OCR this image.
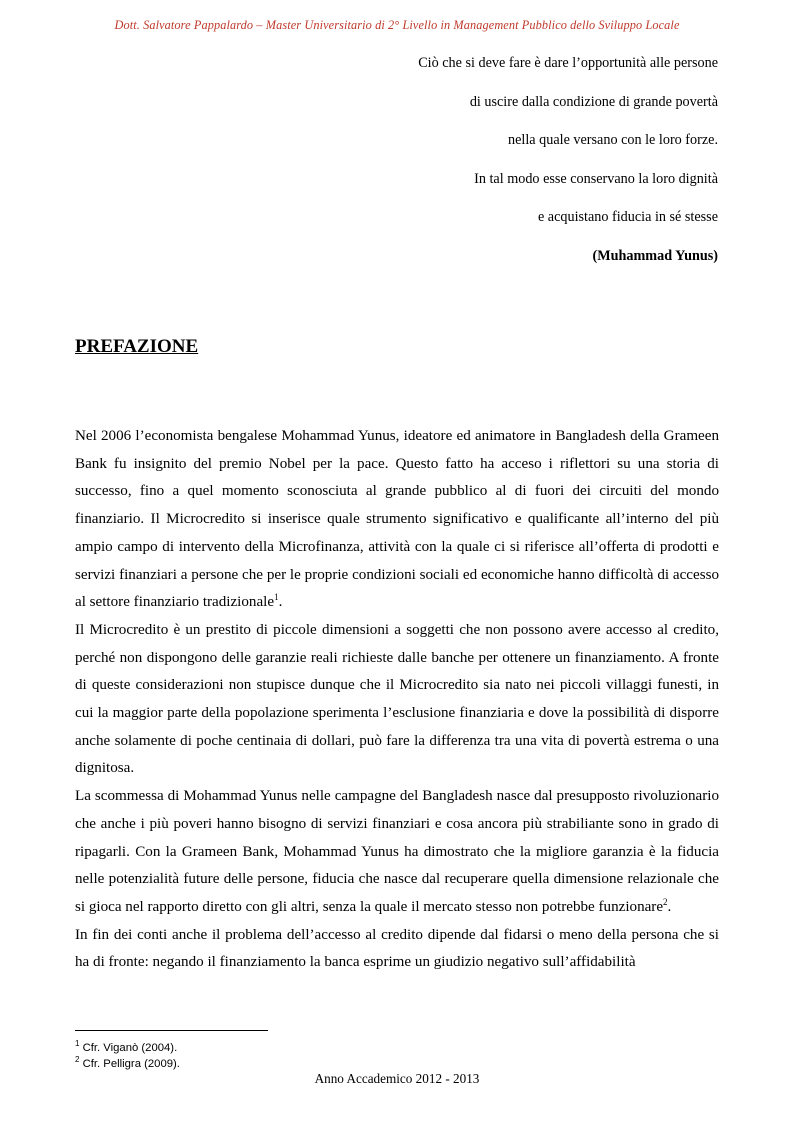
Dott. Salvatore Pappalardo – Master Universitario di 2° Livello in Management Pubblico dello Sviluppo Locale
Ciò che si deve fare è dare l’opportunità alle persone
di uscire dalla condizione di grande povertà
nella quale versano con le loro forze.
In tal modo esse conservano la loro dignità
e acquistano fiducia in sé stesse
(Muhammad Yunus)
PREFAZIONE

Nel 2006 l’economista bengalese Mohammad Yunus, ideatore ed animatore in Bangladesh della Grameen Bank fu insignito del premio Nobel per la pace. Questo fatto ha acceso i riflettori su una storia di successo, fino a quel momento sconosciuta al grande pubblico al di fuori dei circuiti del mondo finanziario. Il Microcredito si inserisce quale strumento significativo e qualificante all’interno del più ampio campo di intervento della Microfinanza, attività con la quale ci si riferisce all’offerta di prodotti e servizi finanziari a persone che per le proprie condizioni sociali ed economiche hanno difficoltà di accesso al settore finanziario tradizionale$^1$.

Il Microcredito è un prestito di piccole dimensioni a soggetti che non possono avere accesso al credito, perché non dispongono delle garanzie reali richieste dalle banche per ottenere un finanziamento. A fronte di queste considerazioni non stupisce dunque che il Microcredito sia nato nei piccoli villaggi funesti, in cui la maggior parte della popolazione sperimenta l’esclusione finanziaria e dove la possibilità di disporre anche solamente di poche centinaia di dollari, può fare la differenza tra una vita di povertà estrema o una dignitosa.

La scommessa di Mohammad Yunus nelle campagne del Bangladesh nasce dal presupposto rivoluzionario che anche i più poveri hanno bisogno di servizi finanziari e cosa ancora più strabiliante sono in grado di ripagarli. Con la Grameen Bank, Mohammad Yunus ha dimostrato che la migliore garanzia è la fiducia nelle potenzialità future delle persone, fiducia che nasce dal recuperare quella dimensione relazionale che si gioca nel rapporto diretto con gli altri, senza la quale il mercato stesso non potrebbe funzionare$^2$.

In fin dei conti anche il problema dell’accesso al credito dipende dal fidarsi o meno della persona che si ha di fronte: negando il finanziamento la banca esprime un giudizio negativo sull’affidabilità

$^1$ Cfr. Viganò (2004).
$^2$ Cfr. Pelligra (2009).
Anno Accademico 2012 - 2013
